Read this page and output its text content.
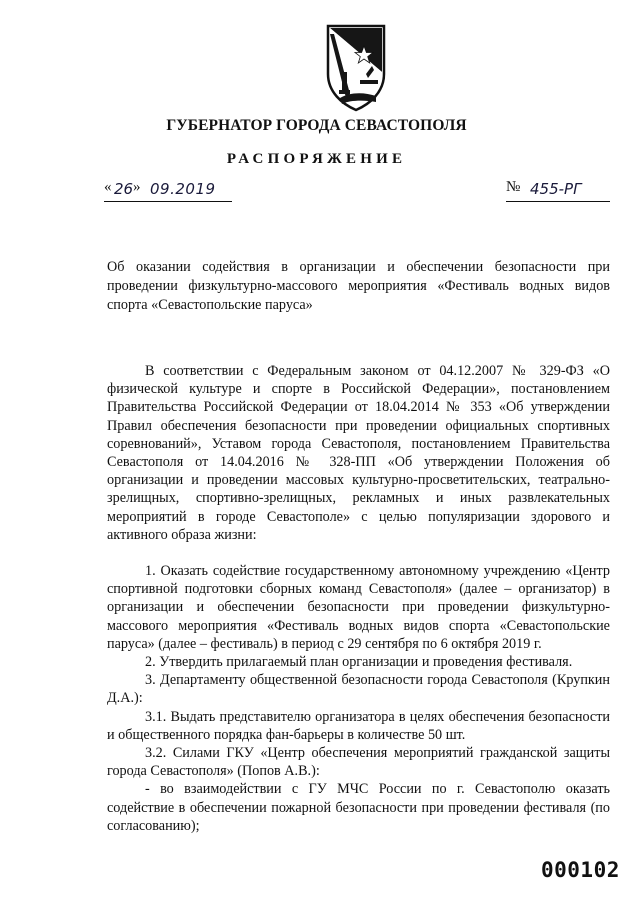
ГУБЕРНАТОР ГОРОДА СЕВАСТОПОЛЯ
РАСПОРЯЖЕНИЕ
« 26 » 09.2019	№ 455-РГ
Об оказании содействия в организации и обеспечении безопасности при проведении физкультурно-массового мероприятия «Фестиваль водных видов спорта «Севастопольские паруса»

В соответствии с Федеральным законом от 04.12.2007 № 329-ФЗ «О физической культуре и спорте в Российской Федерации», постановлением Правительства Российской Федерации от 18.04.2014 № 353 «Об утверждении Правил обеспечения безопасности при проведении официальных спортивных соревнований», Уставом города Севастополя, постановлением Правительства Севастополя от 14.04.2016 № 328-ПП «Об утверждении Положения об организации и проведении массовых культурно-просветительских, театрально-зрелищных, спортивно-зрелищных, рекламных и иных развлекательных мероприятий в городе Севастополе» с целью популяризации здорового и активного образа жизни:

1. Оказать содействие государственному автономному учреждению «Центр спортивной подготовки сборных команд Севастополя» (далее – организатор) в организации и обеспечении безопасности при проведении физкультурно-массового мероприятия «Фестиваль водных видов спорта «Севастопольские паруса» (далее – фестиваль) в период с 29 сентября по 6 октября 2019 г.

2. Утвердить прилагаемый план организации и проведения фестиваля.

3. Департаменту общественной безопасности города Севастополя (Крупкин Д.А.):

3.1. Выдать представителю организатора в целях обеспечения безопасности и общественного порядка фан-барьеры в количестве 50 шт.

3.2. Силами ГКУ «Центр обеспечения мероприятий гражданской защиты города Севастополя» (Попов А.В.):

- во взаимодействии с ГУ МЧС России по г. Севастополю оказать содействие в обеспечении пожарной безопасности при проведении фестиваля (по согласованию);

000102
